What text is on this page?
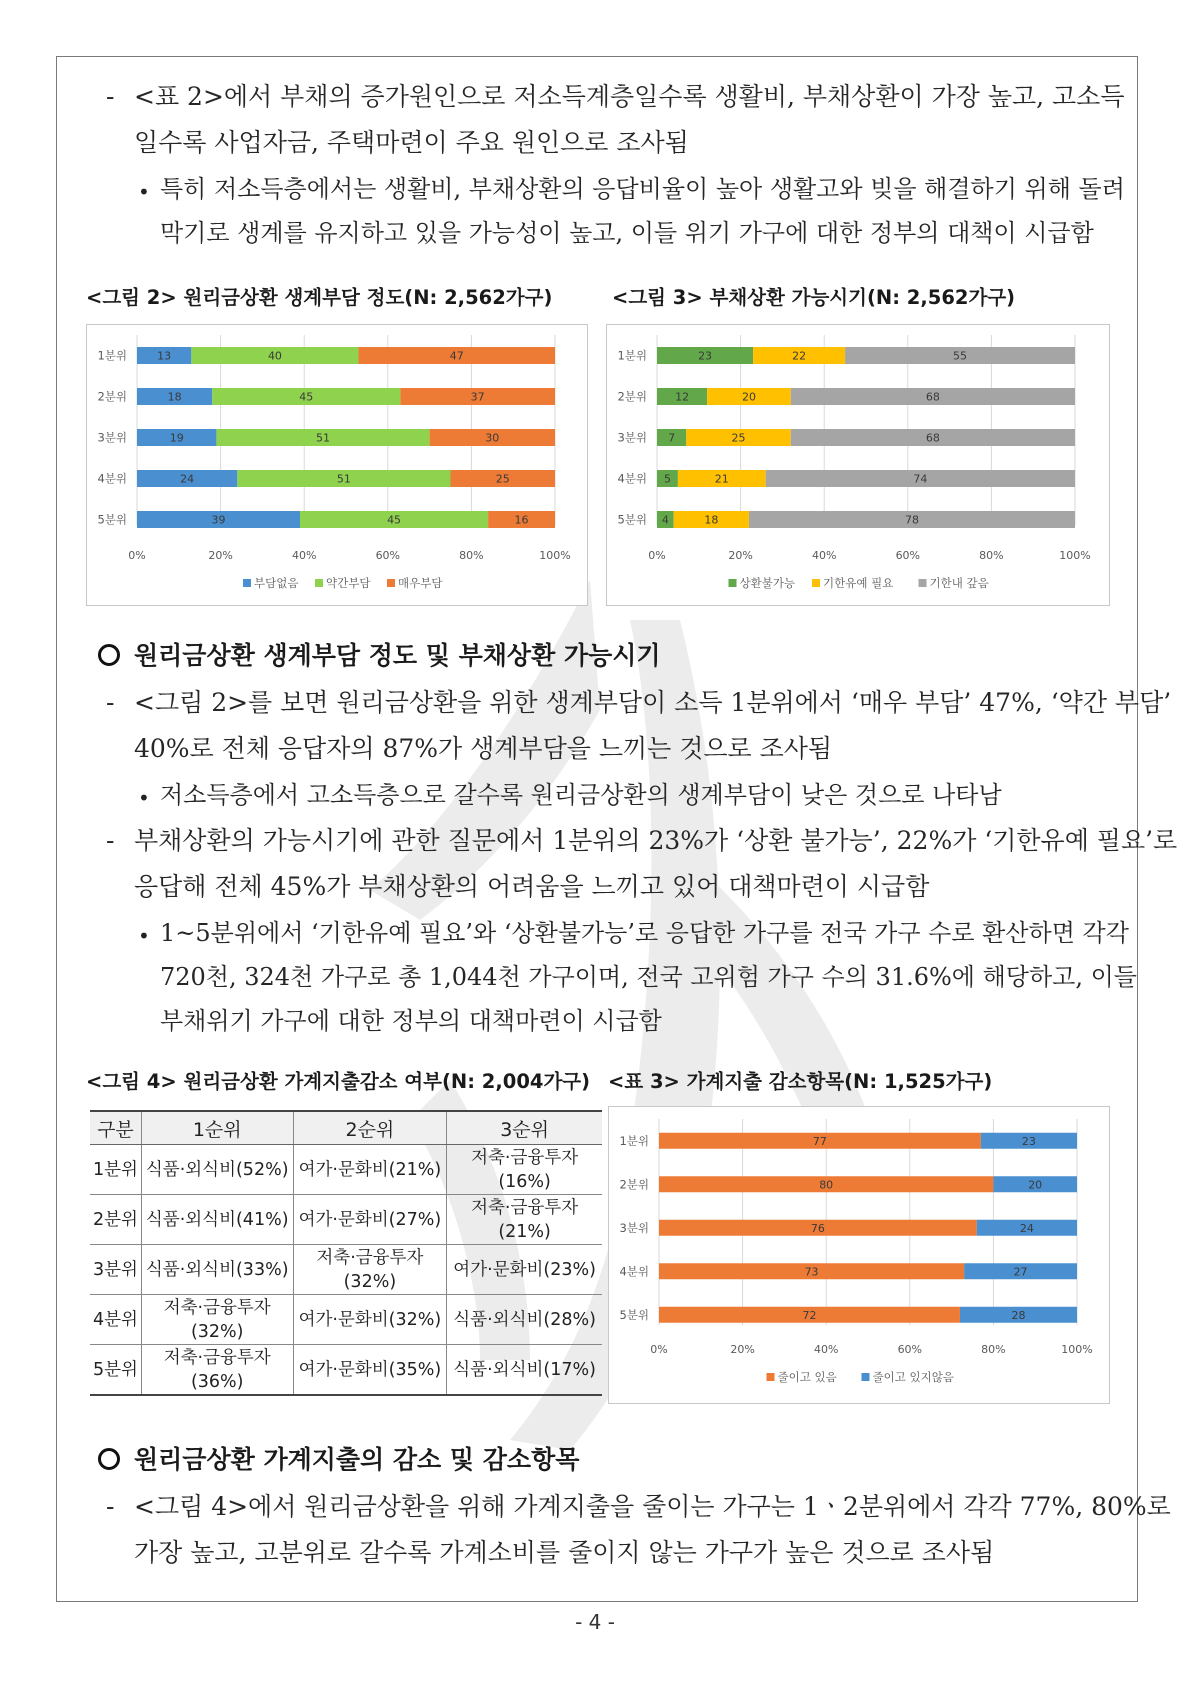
- <표 2>에서 부채의 증가원인으로 저소득계층일수록 생활비, 부채상환이 가장 높고, 고소득
일수록 사업자금, 주택마련이 주요 원인으로 조사됨
• 특히 저소득층에서는 생활비, 부채상환의 응답비율이 높아 생활고와 빚을 해결하기 위해 돌려
막기로 생계를 유지하고 있을 가능성이 높고, 이들 위기 가구에 대한 정부의 대책이 시급함
<그림 2> 원리금상환 생계부담 정도(N: 2,562가구)	<그림 3> 부채상환 가능시기(N: 2,562가구)
0%	20%	40%	60%	80%	100%
1분위	13	40	47
2분위	18	45	37
3분위	19	51	30
4분위	24	51	25
5분위	39	45	16
부담없음 약간부담 매우부담
0%	20%	40%	60%	80%	100%
1분위	23	22	55
2분위	12	20	68
3분위 7	25	68
4분위 5	21	74
5분위 4	18	78
상환불가능 기한유예 필요	기한내 갚음
원리금상환 생계부담 정도 및 부채상환 가능시기
- <그림 2>를 보면 원리금상환을 위한 생계부담이 소득 1분위에서 ‘매우 부담’ 47%, ‘약간 부담’
40%로 전체 응답자의 87%가 생계부담을 느끼는 것으로 조사됨
• 저소득층에서 고소득층으로 갈수록 원리금상환의 생계부담이 낮은 것으로 나타남
- 부채상환의 가능시기에 관한 질문에서 1분위의 23%가 ‘상환 불가능’, 22%가 ‘기한유예 필요’로
응답해 전체 45%가 부채상환의 어려움을 느끼고 있어 대책마련이 시급함
• 1~5분위에서 ‘기한유예 필요’와 ‘상환불가능’로 응답한 가구를 전국 가구 수로 환산하면 각각
720천, 324천 가구로 총 1,044천 가구이며, 전국 고위험 가구 수의 31.6%에 해당하고, 이들
부채위기 가구에 대한 정부의 대책마련이 시급함
<그림 4> 원리금상환 가계지출감소 여부(N: 2,004가구) <표 3> 가계지출 감소항목(N: 1,525가구)
구분	1순위	2순위	3순위
1분위	식품·외식비(52%)	여가·문화비(21%)	저축·금융투자
(16%)
2분위	식품·외식비(41%)	여가·문화비(27%)	저축·금융투자
(21%)
3분위	식품·외식비(33%)	저축·금융투자
(32%)	여가·문화비(23%)
4분위	저축·금융투자
(32%)	여가·문화비(32%)	식품·외식비(28%)
5분위	저축·금융투자
(36%)	여가·문화비(35%)	식품·외식비(17%)
0%	20%	40%	60%	80%	100%
1분위	77	23
2분위	80	20
3분위	76	24
4분위	73	27
5분위	72	28
줄이고 있음	줄이고 있지않음
원리금상환 가계지출의 감소 및 감소항목
- <그림 4>에서 원리금상환을 위해 가계지출을 줄이는 가구는 1ㆍ2분위에서 각각 77%, 80%로
가장 높고, 고분위로 갈수록 가계소비를 줄이지 않는 가구가 높은 것으로 조사됨
- 4 -
